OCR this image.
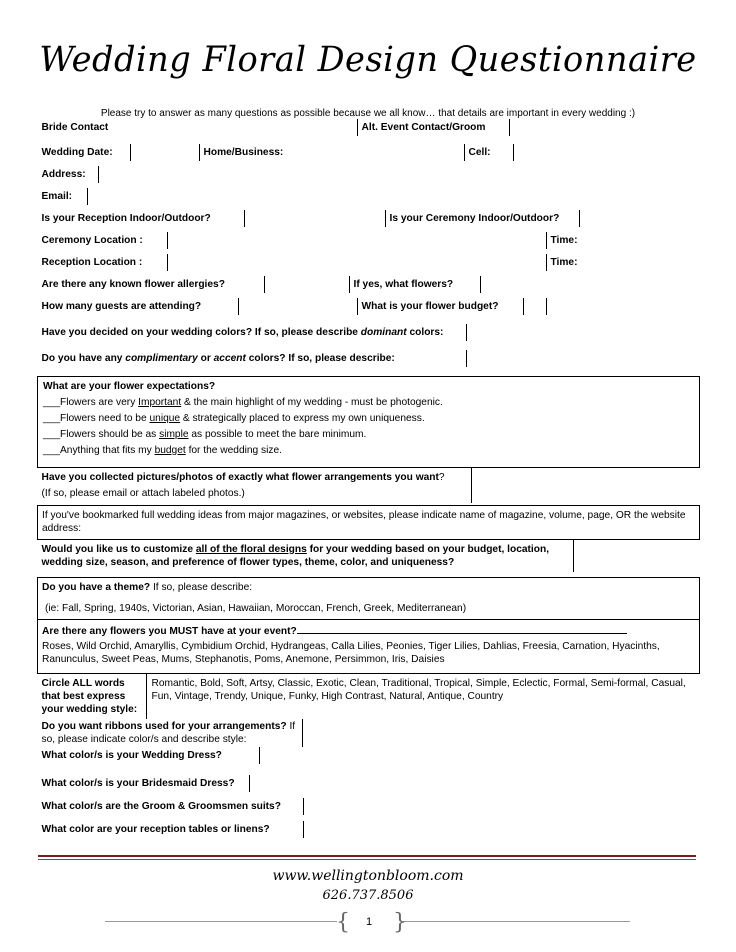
Wedding Floral Design Questionnaire
Please try to answer as many questions as possible because we all know… that details are important in every wedding :)
Bride Contact	Alt. Event Contact/Groom	

Wedding Date:		Home/Business:	Cell:	

Address:	

Email:	

Is your Reception Indoor/Outdoor?		Is your Ceremony Indoor/Outdoor?	

Ceremony Location :		Time:

Reception Location :		Time:

Are there any known flower allergies?		If yes, what flowers?	

How many guests are attending?		What is your flower budget?		

Have you decided on your wedding colors? If so, please describe dominant colors:	

Do you have any complimentary or accent colors? If so, please describe:	

What are your flower expectations?
___Flowers are very Important & the main highlight of my wedding - must be photogenic.
___Flowers need to be unique & strategically placed to express my own uniqueness.
___Flowers should be as simple as possible to meet the bare minimum.
___Anything that fits my budget for the wedding size.

Have you collected pictures/photos of exactly what flower arrangements you want?
(If so, please email or attach labeled photos.)

If you've bookmarked full wedding ideas from major magazines, or websites, please indicate name of magazine, volume, page, OR the website address:

Would you like us to customize all of the floral designs for your wedding based on your budget, location, wedding size, season, and preference of flower types, theme, color, and uniqueness?	

Do you have a theme? If so, please describe:
(ie: Fall, Spring, 1940s, Victorian, Asian, Hawaiian, Moroccan, French, Greek, Mediterranean)

Are there any flowers you MUST have at your event?
Roses, Wild Orchid, Amaryllis, Cymbidium Orchid, Hydrangeas, Calla Lilies, Peonies, Tiger Lilies, Dahlias, Freesia, Carnation, Hyacinths, Ranunculus, Sweet Peas, Mums, Stephanotis, Poms, Anemone, Persimmon, Iris, Daisies

Circle ALL words that best express your wedding style:	Romantic, Bold, Soft, Artsy, Classic, Exotic, Clean, Traditional, Tropical, Simple, Eclectic, Formal, Semi-formal, Casual, Fun, Vintage, Trendy, Unique, Funky, High Contrast, Natural, Antique, Country

Do you want ribbons used for your arrangements? If so, please indicate color/s and describe style:	

What color/s is your Wedding Dress?	

What color/s is your Bridesmaid Dress?	

What color/s are the Groom & Groomsmen suits?	

What color are your reception tables or linens?	
www.wellingtonbloom.com
626.737.8506
{ }
1
